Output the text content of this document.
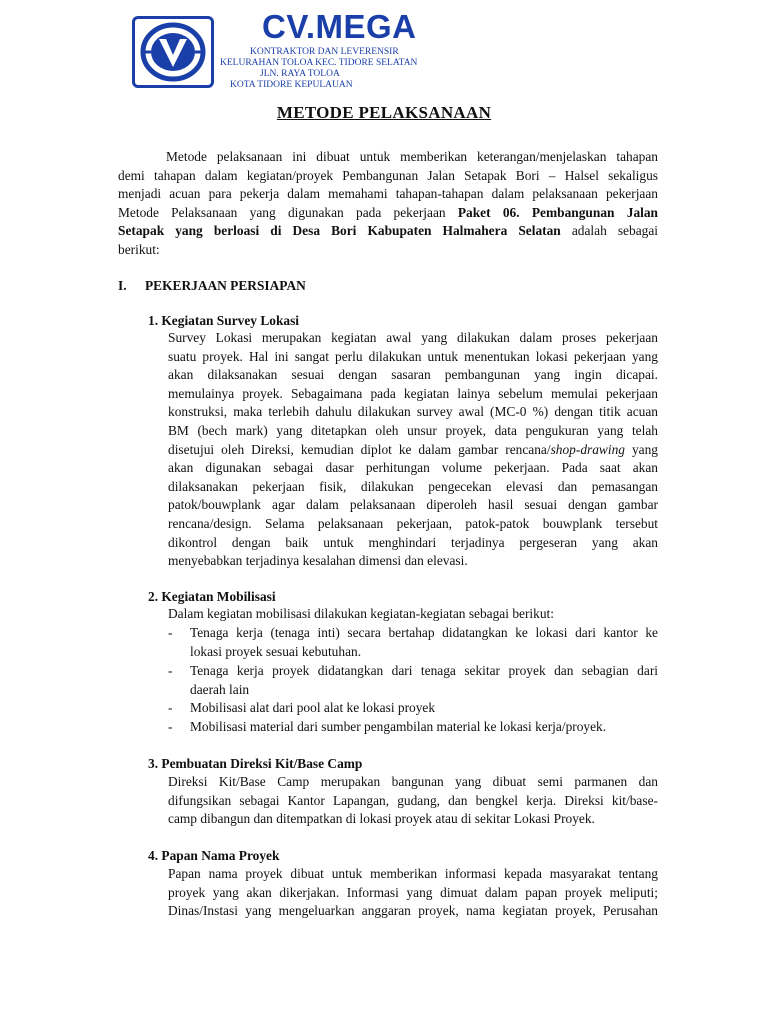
CV.MEGA
KONTRAKTOR DAN LEVERENSIR
KELURAHAN TOLOA KEC. TIDORE SELATAN
JLN. RAYA TOLOA
KOTA TIDORE KEPULAUAN
METODE PELAKSANAAN
Metode pelaksanaan ini dibuat untuk memberikan keterangan/menjelaskan tahapan
demi tahapan dalam kegiatan/proyek Pembangunan Jalan Setapak Bori – Halsel sekaligus
menjadi acuan para pekerja dalam memahami tahapan-tahapan dalam pelaksanaan pekerjaan
Metode Pelaksanaan yang digunakan pada pekerjaan Paket 06. Pembangunan Jalan
Setapak yang berloasi di Desa Bori Kabupaten Halmahera Selatan adalah sebagai
berikut:
I. PEKERJAAN PERSIAPAN
1. Kegiatan Survey Lokasi
Survey Lokasi merupakan kegiatan awal yang dilakukan dalam proses pekerjaan
suatu proyek. Hal ini sangat perlu dilakukan untuk menentukan lokasi pekerjaan yang
akan dilaksanakan sesuai dengan sasaran pembangunan yang ingin dicapai.
memulainya proyek. Sebagaimana pada kegiatan lainya sebelum memulai pekerjaan
konstruksi, maka terlebih dahulu dilakukan survey awal (MC-0 %) dengan titik acuan
BM (bech mark) yang ditetapkan oleh unsur proyek, data pengukuran yang telah
disetujui oleh Direksi, kemudian diplot ke dalam gambar rencana/shop-drawing yang
akan digunakan sebagai dasar perhitungan volume pekerjaan. Pada saat akan
dilaksanakan pekerjaan fisik, dilakukan pengecekan elevasi dan pemasangan
patok/bouwplank agar dalam pelaksanaan diperoleh hasil sesuai dengan gambar
rencana/design. Selama pelaksanaan pekerjaan, patok-patok bouwplank tersebut
dikontrol dengan baik untuk menghindari terjadinya pergeseran yang akan
menyebabkan terjadinya kesalahan dimensi dan elevasi.
2. Kegiatan Mobilisasi
Dalam kegiatan mobilisasi dilakukan kegiatan-kegiatan sebagai berikut:
- Tenaga kerja (tenaga inti) secara bertahap didatangkan ke lokasi dari kantor ke
lokasi proyek sesuai kebutuhan.
- Tenaga kerja proyek didatangkan dari tenaga sekitar proyek dan sebagian dari
daerah lain
- Mobilisasi alat dari pool alat ke lokasi proyek
- Mobilisasi material dari sumber pengambilan material ke lokasi kerja/proyek.
3. Pembuatan Direksi Kit/Base Camp
Direksi Kit/Base Camp merupakan bangunan yang dibuat semi parmanen dan
difungsikan sebagai Kantor Lapangan, gudang, dan bengkel kerja. Direksi kit/base-
camp dibangun dan ditempatkan di lokasi proyek atau di sekitar Lokasi Proyek.
4. Papan Nama Proyek
Papan nama proyek dibuat untuk memberikan informasi kepada masyarakat tentang
proyek yang akan dikerjakan. Informasi yang dimuat dalam papan proyek meliputi;
Dinas/Instasi yang mengeluarkan anggaran proyek, nama kegiatan proyek, Perusahan
